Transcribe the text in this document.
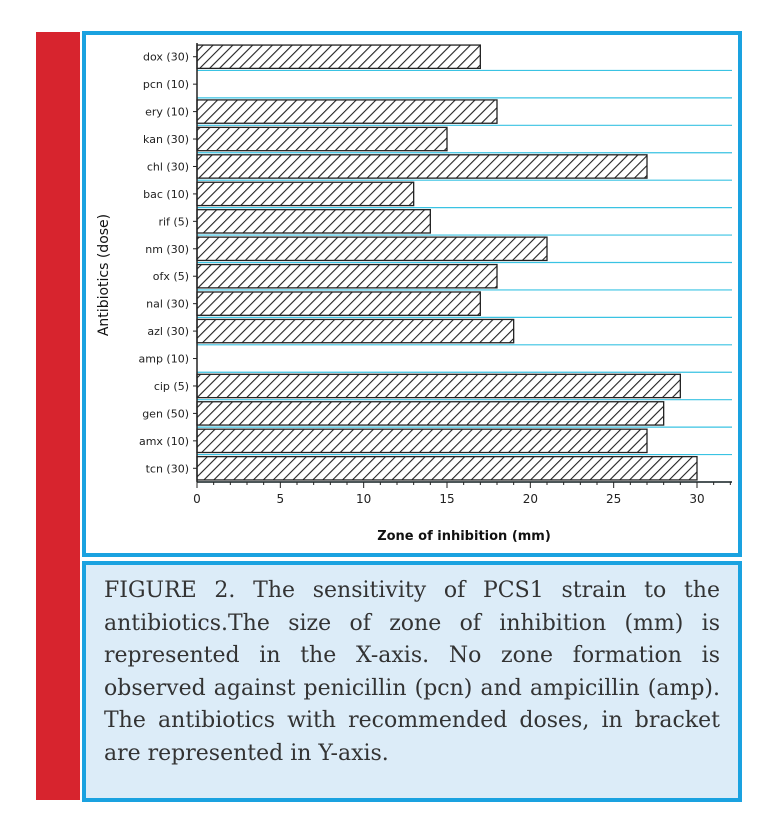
dox (30)
pcn (10)
ery (10)
kan (30)
chl (30)
bac (10)
rif (5)
nm (30)
ofx (5)
nal (30)
azl (30)
amp (10)
cip (5)
gen (50)
amx (10)
tcn (30)
0	5	10	15	20	25	30
Zone of inhibition (mm)
Antibiotics (dose)

FIGURE 2. The sensitivity of PCS1 strain to the antibiotics.The size of zone of inhibition (mm) is represented in the X-axis. No zone formation is observed against penicillin (pcn) and ampicillin (amp). The antibiotics with recommended doses, in bracket are represented in Y-axis.
